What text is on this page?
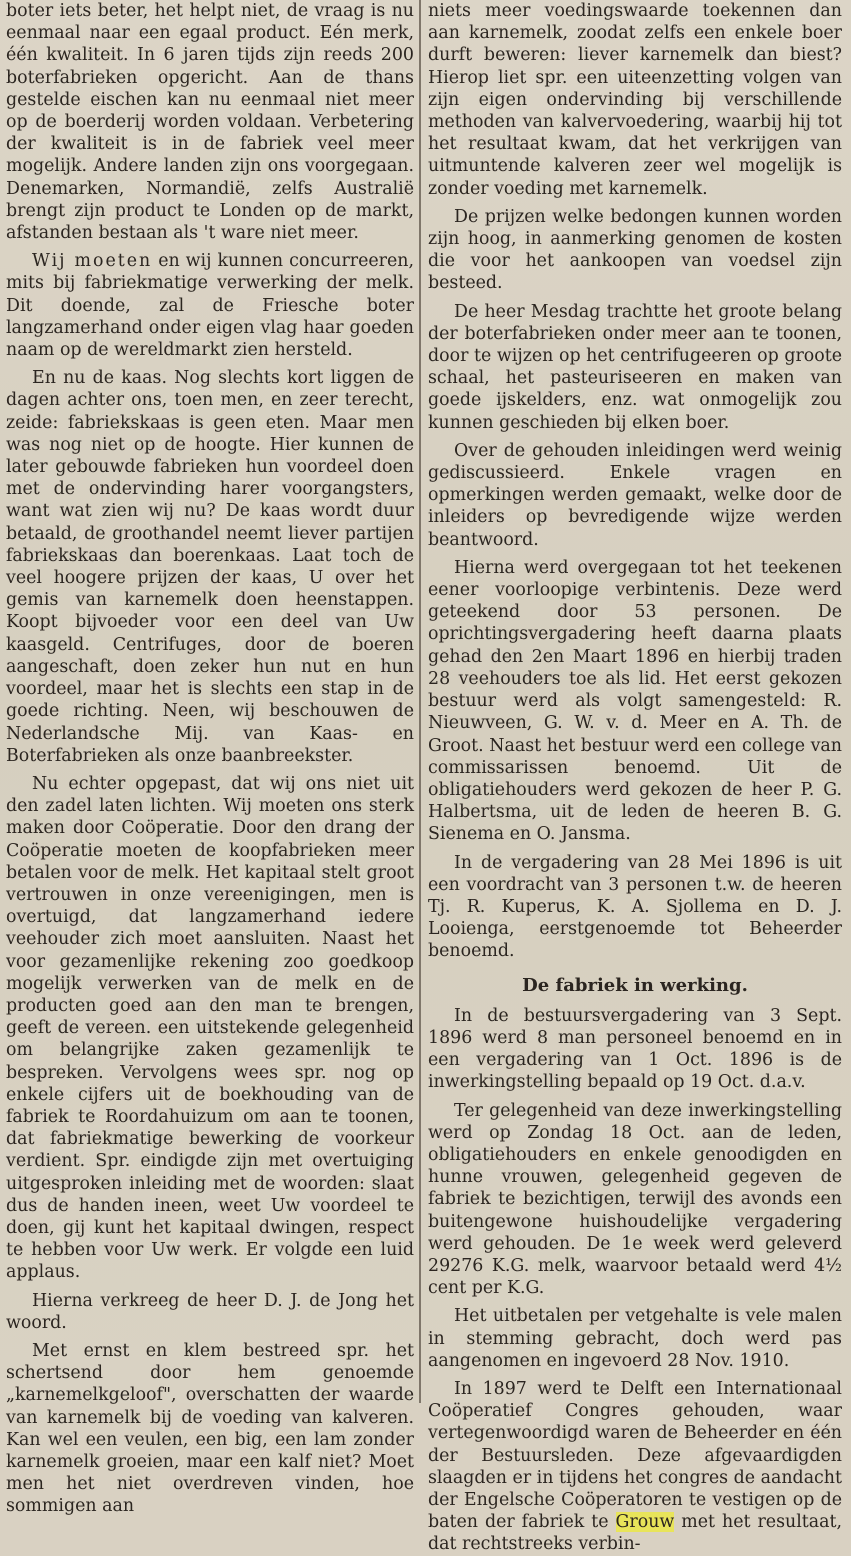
boter iets beter, het helpt niet, de vraag is nu eenmaal naar een egaal product. Eén merk, één kwaliteit. In 6 jaren tijds zijn reeds 200 boterfabrieken opgericht. Aan de thans gestelde eischen kan nu eenmaal niet meer op de boerderij worden voldaan. Verbetering der kwaliteit is in de fabriek veel meer mogelijk. Andere landen zijn ons voorgegaan. Denemarken, Normandië, zelfs Australië brengt zijn product te Londen op de markt, afstanden bestaan als 't ware niet meer.

Wij moeten en wij kunnen concurreeren, mits bij fabriekmatige verwerking der melk. Dit doende, zal de Friesche boter langzamerhand onder eigen vlag haar goeden naam op de wereldmarkt zien hersteld.

En nu de kaas. Nog slechts kort liggen de dagen achter ons, toen men, en zeer terecht, zeide: fabriekskaas is geen eten. Maar men was nog niet op de hoogte. Hier kunnen de later gebouwde fabrieken hun voordeel doen met de ondervinding harer voorgangsters, want wat zien wij nu? De kaas wordt duur betaald, de groothandel neemt liever partijen fabriekskaas dan boerenkaas. Laat toch de veel hoogere prijzen der kaas, U over het gemis van karnemelk doen heenstappen. Koopt bijvoeder voor een deel van Uw kaasgeld. Centrifuges, door de boeren aangeschaft, doen zeker hun nut en hun voordeel, maar het is slechts een stap in de goede richting. Neen, wij beschouwen de Nederlandsche Mij. van Kaas- en Boterfabrieken als onze baanbreekster.

Nu echter opgepast, dat wij ons niet uit den zadel laten lichten. Wij moeten ons sterk maken door Coöperatie. Door den drang der Coöperatie moeten de koopfabrieken meer betalen voor de melk. Het kapitaal stelt groot vertrouwen in onze vereenigingen, men is overtuigd, dat langzamerhand iedere veehouder zich moet aansluiten. Naast het voor gezamenlijke rekening zoo goedkoop mogelijk verwerken van de melk en de producten goed aan den man te brengen, geeft de vereen. een uitstekende gelegenheid om belangrijke zaken gezamenlijk te bespreken. Vervolgens wees spr. nog op enkele cijfers uit de boekhouding van de fabriek te Roordahuizum om aan te toonen, dat fabriekmatige bewerking de voorkeur verdient. Spr. eindigde zijn met overtuiging uitgesproken inleiding met de woorden: slaat dus de handen ineen, weet Uw voordeel te doen, gij kunt het kapitaal dwingen, respect te hebben voor Uw werk. Er volgde een luid applaus.

Hierna verkreeg de heer D. J. de Jong het woord.

Met ernst en klem bestreed spr. het schertsend door hem genoemde „karnemelkgeloof", overschatten der waarde van karnemelk bij de voeding van kalveren. Kan wel een veulen, een big, een lam zonder karnemelk groeien, maar een kalf niet? Moet men het niet overdreven vinden, hoe sommigen aan

niets meer voedingswaarde toekennen dan aan karnemelk, zoodat zelfs een enkele boer durft beweren: liever karnemelk dan biest? Hierop liet spr. een uiteenzetting volgen van zijn eigen ondervinding bij verschillende methoden van kalvervoedering, waarbij hij tot het resultaat kwam, dat het verkrijgen van uitmuntende kalveren zeer wel mogelijk is zonder voeding met karnemelk.

De prijzen welke bedongen kunnen worden zijn hoog, in aanmerking genomen de kosten die voor het aankoopen van voedsel zijn besteed.

De heer Mesdag trachtte het groote belang der boterfabrieken onder meer aan te toonen, door te wijzen op het centrifugeeren op groote schaal, het pasteuriseeren en maken van goede ijskelders, enz. wat onmogelijk zou kunnen geschieden bij elken boer.

Over de gehouden inleidingen werd weinig gediscussieerd. Enkele vragen en opmerkingen werden gemaakt, welke door de inleiders op bevredigende wijze werden beantwoord.

Hierna werd overgegaan tot het teekenen eener voorloopige verbintenis. Deze werd geteekend door 53 personen. De oprichtingsvergadering heeft daarna plaats gehad den 2en Maart 1896 en hierbij traden 28 veehouders toe als lid. Het eerst gekozen bestuur werd als volgt samengesteld: R. Nieuwveen, G. W. v. d. Meer en A. Th. de Groot. Naast het bestuur werd een college van commissarissen benoemd. Uit de obligatiehouders werd gekozen de heer P. G. Halbertsma, uit de leden de heeren B. G. Sienema en O. Jansma.

In de vergadering van 28 Mei 1896 is uit een voordracht van 3 personen t.w. de heeren Tj. R. Kuperus, K. A. Sjollema en D. J. Looienga, eerstgenoemde tot Beheerder benoemd.

De fabriek in werking.

In de bestuursvergadering van 3 Sept. 1896 werd 8 man personeel benoemd en in een vergadering van 1 Oct. 1896 is de inwerkingstelling bepaald op 19 Oct. d.a.v.

Ter gelegenheid van deze inwerkingstelling werd op Zondag 18 Oct. aan de leden, obligatiehouders en enkele genoodigden en hunne vrouwen, gelegenheid gegeven de fabriek te bezichtigen, terwijl des avonds een buitengewone huishoudelijke vergadering werd gehouden. De 1e week werd geleverd 29276 K.G. melk, waarvoor betaald werd 4½ cent per K.G.

Het uitbetalen per vetgehalte is vele malen in stemming gebracht, doch werd pas aangenomen en ingevoerd 28 Nov. 1910.

In 1897 werd te Delft een Internationaal Coöperatief Congres gehouden, waar vertegenwoordigd waren de Beheerder en één der Bestuursleden. Deze afgevaardigden slaagden er in tijdens het congres de aandacht der Engelsche Coöperatoren te vestigen op de baten der fabriek te Grouw met het resultaat, dat rechtstreeks verbin-
